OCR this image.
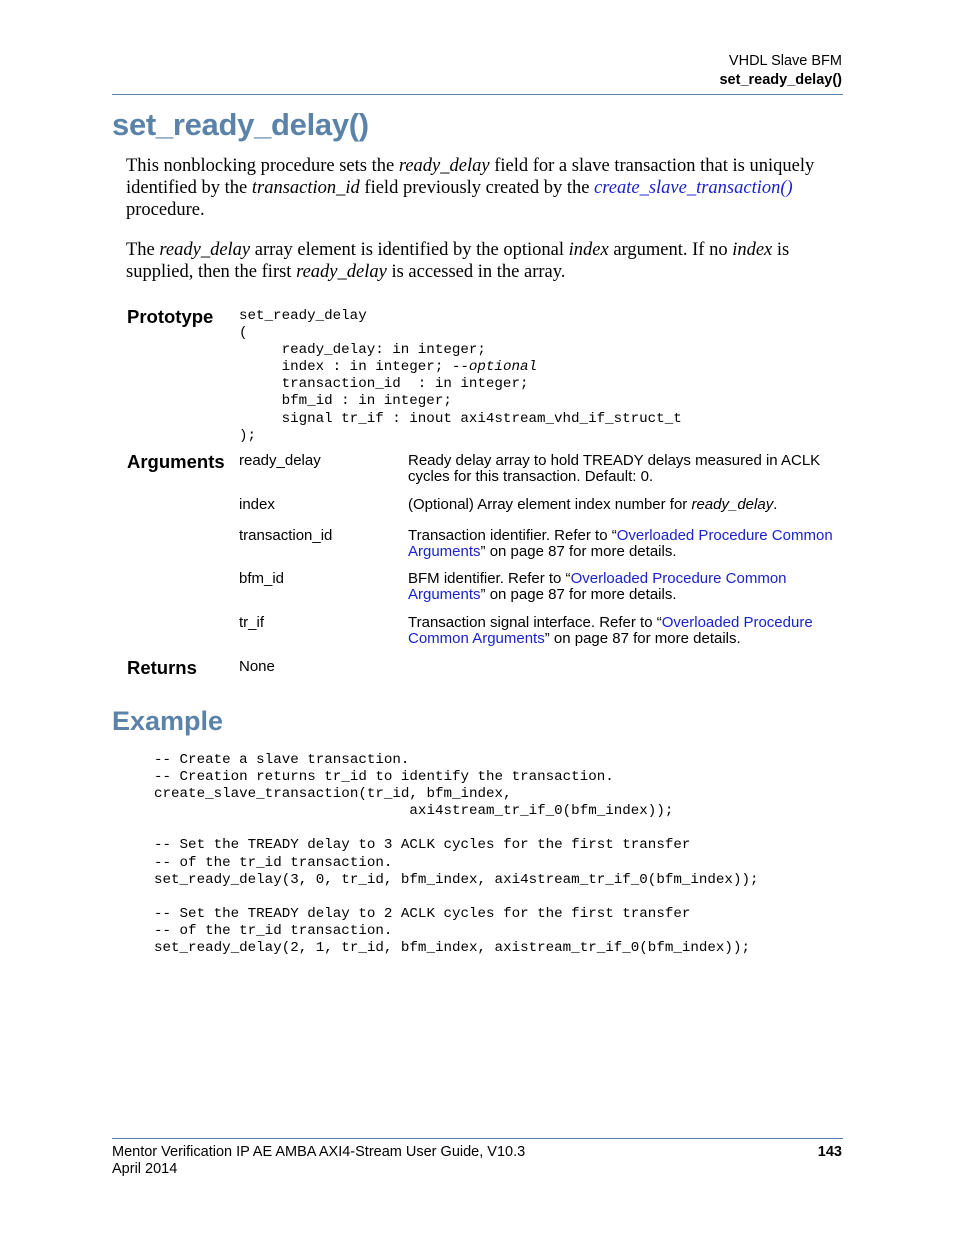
VHDL Slave BFM
set_ready_delay()
set_ready_delay()

This nonblocking procedure sets the ready_delay field for a slave transaction that is uniquely identified by the transaction_id field previously created by the create_slave_transaction() procedure.

The ready_delay array element is identified by the optional index argument. If no index is supplied, then the first ready_delay is accessed in the array.

Prototype set_ready_delay
(
ready_delay: in integer;
index : in integer; --optional
transaction_id  : in integer;
bfm_id : in integer;
signal tr_if : inout axi4stream_vhd_if_struct_t
);
Arguments ready_delay	Ready delay array to hold TREADY delays measured in ACLK cycles for this transaction. Default: 0.
index	(Optional) Array element index number for ready_delay.
transaction_id	Transaction identifier. Refer to “Overloaded Procedure Common Arguments” on page 87 for more details.
bfm_id	BFM identifier. Refer to “Overloaded Procedure Common Arguments” on page 87 for more details.
tr_if	Transaction signal interface. Refer to “Overloaded Procedure Common Arguments” on page 87 for more details.
Returns	None
Example
-- Create a slave transaction.
-- Creation returns tr_id to identify the transaction.
create_slave_transaction(tr_id, bfm_index,
axi4stream_tr_if_0(bfm_index));

-- Set the TREADY delay to 3 ACLK cycles for the first transfer
-- of the tr_id transaction.
set_ready_delay(3, 0, tr_id, bfm_index, axi4stream_tr_if_0(bfm_index));

-- Set the TREADY delay to 2 ACLK cycles for the first transfer
-- of the tr_id transaction.
set_ready_delay(2, 1, tr_id, bfm_index, axistream_tr_if_0(bfm_index));
Mentor Verification IP AE AMBA AXI4-Stream User Guide, V10.3
April 2014
143
